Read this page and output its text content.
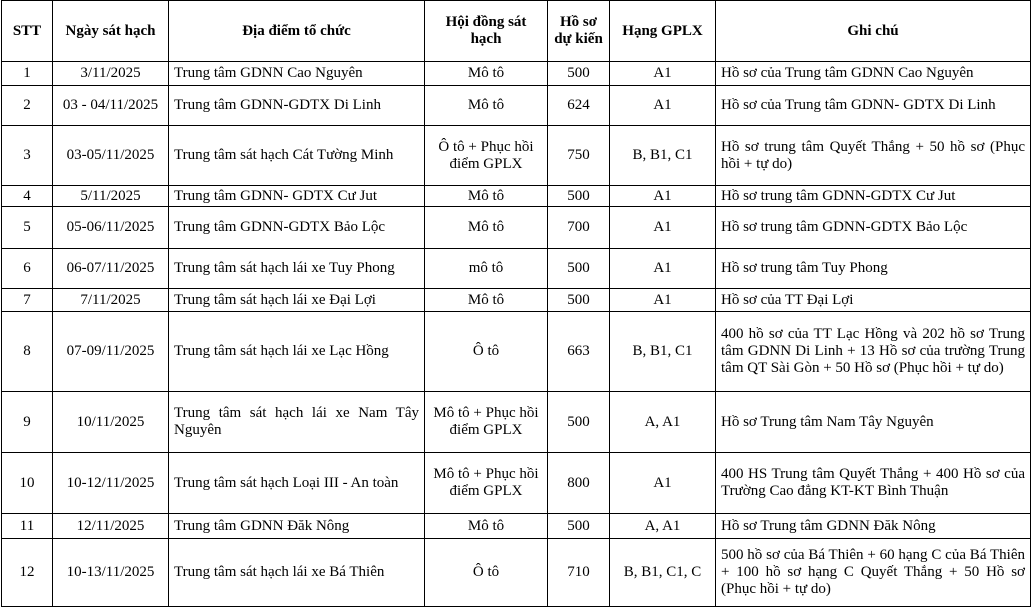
STT	Ngày sát hạch	Địa điểm tổ chức	Hội đồng sát hạch	Hồ sơ dự kiến	Hạng GPLX	Ghi chú
1	3/11/2025	Trung tâm GDNN Cao Nguyên	Mô tô	500	A1	Hồ sơ của Trung tâm GDNN Cao Nguyên
2	03 - 04/11/2025	Trung tâm GDNN-GDTX Di Linh	Mô tô	624	A1	Hồ sơ của Trung tâm GDNN- GDTX Di Linh
3	03-05/11/2025	Trung tâm sát hạch Cát Tường Minh	Ô tô + Phục hồi điểm GPLX	750	B, B1, C1	Hồ sơ trung tâm Quyết Thắng + 50 hồ sơ (Phục hồi + tự do)
4	5/11/2025	Trung tâm GDNN- GDTX Cư Jut	Mô tô	500	A1	Hồ sơ trung tâm GDNN-GDTX Cư Jut
5	05-06/11/2025	Trung tâm GDNN-GDTX Bảo Lộc	Mô tô	700	A1	Hồ sơ trung tâm GDNN-GDTX Bảo Lộc
6	06-07/11/2025	Trung tâm sát hạch lái xe Tuy Phong	mô tô	500	A1	Hồ sơ trung tâm Tuy Phong
7	7/11/2025	Trung tâm sát hạch lái xe Đại Lợi	Mô tô	500	A1	Hồ sơ của TT Đại Lợi
8	07-09/11/2025	Trung tâm sát hạch lái xe Lạc Hồng	Ô tô	663	B, B1, C1	400 hồ sơ của TT Lạc Hồng và 202 hồ sơ Trung tâm GDNN Di Linh + 13 Hồ sơ của trường Trung tâm QT Sài Gòn + 50 Hồ sơ (Phục hồi + tự do)
9	10/11/2025	Trung tâm sát hạch lái xe Nam Tây Nguyên	Mô tô + Phục hồi điểm GPLX	500	A, A1	Hồ sơ Trung tâm Nam Tây Nguyên
10	10-12/11/2025	Trung tâm sát hạch Loại III - An toàn	Mô tô + Phục hồi điểm GPLX	800	A1	400 HS Trung tâm Quyết Thắng + 400 Hồ sơ của Trường Cao đẳng KT-KT Bình Thuận
11	12/11/2025	Trung tâm GDNN Đăk Nông	Mô tô	500	A, A1	Hồ sơ Trung tâm GDNN Đăk Nông
12	10-13/11/2025	Trung tâm sát hạch lái xe Bá Thiên	Ô tô	710	B, B1, C1, C	500 hồ sơ của Bá Thiên + 60 hạng C của Bá Thiên + 100 hồ sơ hạng C Quyết Thắng + 50 Hồ sơ (Phục hồi + tự do)
